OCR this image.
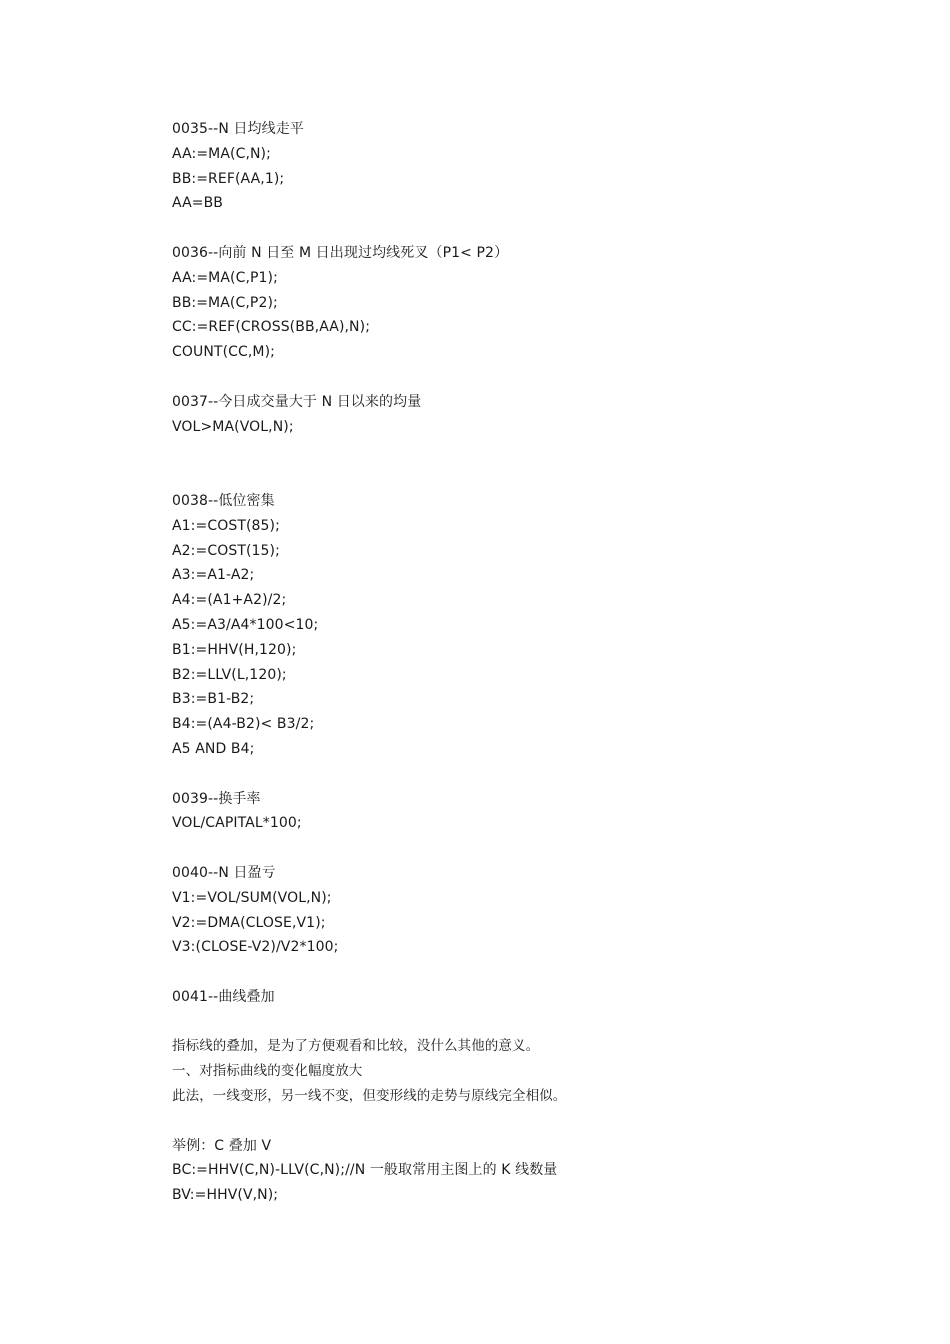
0035--N 日均线走平
AA:=MA(C,N);
BB:=REF(AA,1);
AA=BB
0036--向前 N 日至 M 日出现过均线死叉（P1< P2）
AA:=MA(C,P1);
BB:=MA(C,P2);
CC:=REF(CROSS(BB,AA),N);
COUNT(CC,M);
0037--今日成交量大于 N 日以来的均量
VOL>MA(VOL,N);
0038--低位密集
A1:=COST(85);
A2:=COST(15);
A3:=A1-A2;
A4:=(A1+A2)/2;
A5:=A3/A4*100<10;
B1:=HHV(H,120);
B2:=LLV(L,120);
B3:=B1-B2;
B4:=(A4-B2)< B3/2;
A5 AND B4;
0039--换手率
VOL/CAPITAL*100;
0040--N 日盈亏
V1:=VOL/SUM(VOL,N);
V2:=DMA(CLOSE,V1);
V3:(CLOSE-V2)/V2*100;
0041--曲线叠加
指标线的叠加，是为了方便观看和比较，没什么其他的意义。
一、对指标曲线的变化幅度放大
此法，一线变形，另一线不变，但变形线的走势与原线完全相似。
举例：C 叠加 V
BC:=HHV(C,N)-LLV(C,N);//N 一般取常用主图上的 K 线数量
BV:=HHV(V,N);
